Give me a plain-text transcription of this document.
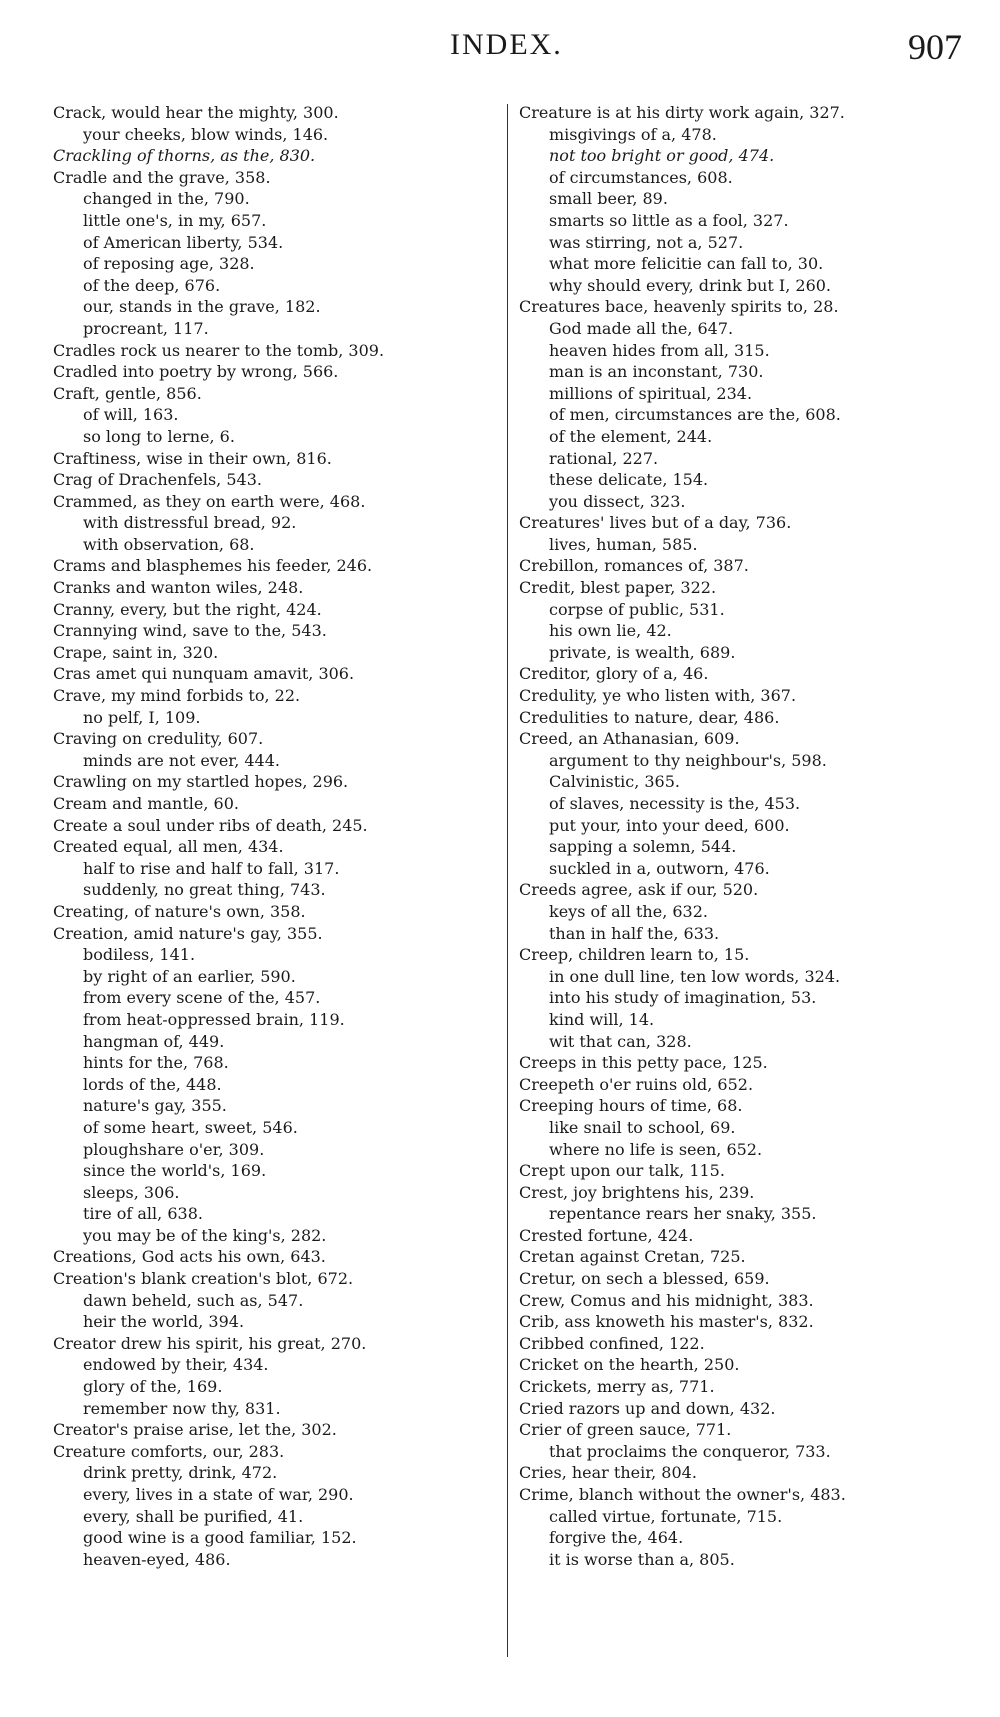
INDEX.	907
Crack, would hear the mighty, 300.
your cheeks, blow winds, 146.
Crackling of thorns, as the, 830.
Cradle and the grave, 358.
changed in the, 790.
little one's, in my, 657.
of American liberty, 534.
of reposing age, 328.
of the deep, 676.
our, stands in the grave, 182.
procreant, 117.
Cradles rock us nearer to the tomb, 309.
Cradled into poetry by wrong, 566.
Craft, gentle, 856.
of will, 163.
so long to lerne, 6.
Craftiness, wise in their own, 816.
Crag of Drachenfels, 543.
Crammed, as they on earth were, 468.
with distressful bread, 92.
with observation, 68.
Crams and blasphemes his feeder, 246.
Cranks and wanton wiles, 248.
Cranny, every, but the right, 424.
Crannying wind, save to the, 543.
Crape, saint in, 320.
Cras amet qui nunquam amavit, 306.
Crave, my mind forbids to, 22.
no pelf, I, 109.
Craving on credulity, 607.
minds are not ever, 444.
Crawling on my startled hopes, 296.
Cream and mantle, 60.
Create a soul under ribs of death, 245.
Created equal, all men, 434.
half to rise and half to fall, 317.
suddenly, no great thing, 743.
Creating, of nature's own, 358.
Creation, amid nature's gay, 355.
bodiless, 141.
by right of an earlier, 590.
from every scene of the, 457.
from heat-oppressed brain, 119.
hangman of, 449.
hints for the, 768.
lords of the, 448.
nature's gay, 355.
of some heart, sweet, 546.
ploughshare o'er, 309.
since the world's, 169.
sleeps, 306.
tire of all, 638.
you may be of the king's, 282.
Creations, God acts his own, 643.
Creation's blank creation's blot, 672.
dawn beheld, such as, 547.
heir the world, 394.
Creator drew his spirit, his great, 270.
endowed by their, 434.
glory of the, 169.
remember now thy, 831.
Creator's praise arise, let the, 302.
Creature comforts, our, 283.
drink pretty, drink, 472.
every, lives in a state of war, 290.
every, shall be purified, 41.
good wine is a good familiar, 152.
heaven-eyed, 486.
Creature is at his dirty work again, 327.
misgivings of a, 478.
not too bright or good, 474.
of circumstances, 608.
small beer, 89.
smarts so little as a fool, 327.
was stirring, not a, 527.
what more felicitie can fall to, 30.
why should every, drink but I, 260.
Creatures bace, heavenly spirits to, 28.
God made all the, 647.
heaven hides from all, 315.
man is an inconstant, 730.
millions of spiritual, 234.
of men, circumstances are the, 608.
of the element, 244.
rational, 227.
these delicate, 154.
you dissect, 323.
Creatures' lives but of a day, 736.
lives, human, 585.
Crebillon, romances of, 387.
Credit, blest paper, 322.
corpse of public, 531.
his own lie, 42.
private, is wealth, 689.
Creditor, glory of a, 46.
Credulity, ye who listen with, 367.
Credulities to nature, dear, 486.
Creed, an Athanasian, 609.
argument to thy neighbour's, 598.
Calvinistic, 365.
of slaves, necessity is the, 453.
put your, into your deed, 600.
sapping a solemn, 544.
suckled in a, outworn, 476.
Creeds agree, ask if our, 520.
keys of all the, 632.
than in half the, 633.
Creep, children learn to, 15.
in one dull line, ten low words, 324.
into his study of imagination, 53.
kind will, 14.
wit that can, 328.
Creeps in this petty pace, 125.
Creepeth o'er ruins old, 652.
Creeping hours of time, 68.
like snail to school, 69.
where no life is seen, 652.
Crept upon our talk, 115.
Crest, joy brightens his, 239.
repentance rears her snaky, 355.
Crested fortune, 424.
Cretan against Cretan, 725.
Cretur, on sech a blessed, 659.
Crew, Comus and his midnight, 383.
Crib, ass knoweth his master's, 832.
Cribbed confined, 122.
Cricket on the hearth, 250.
Crickets, merry as, 771.
Cried razors up and down, 432.
Crier of green sauce, 771.
that proclaims the conqueror, 733.
Cries, hear their, 804.
Crime, blanch without the owner's, 483.
called virtue, fortunate, 715.
forgive the, 464.
it is worse than a, 805.
